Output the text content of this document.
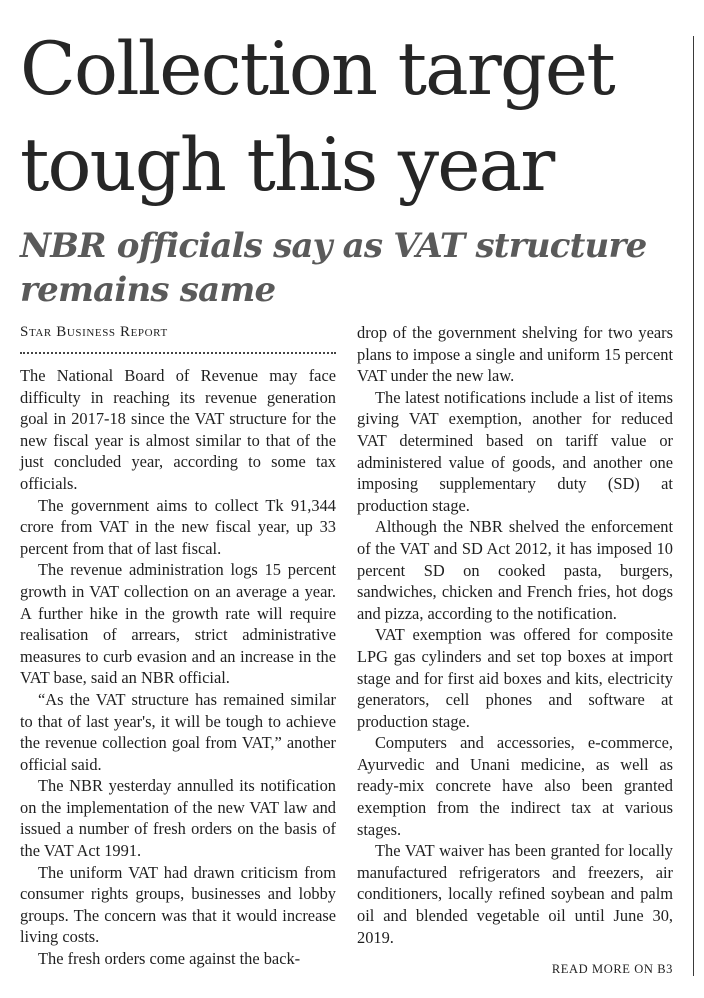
Collection target tough this year
NBR officials say as VAT structure remains same
Star Business Report

The National Board of Revenue may face difficulty in reaching its revenue generation goal in 2017-18 since the VAT structure for the new fiscal year is almost similar to that of the just concluded year, according to some tax officials.

The government aims to collect Tk 91,344 crore from VAT in the new fiscal year, up 33 percent from that of last fiscal.

The revenue administration logs 15 percent growth in VAT collection on an average a year. A further hike in the growth rate will require realisation of arrears, strict administrative measures to curb evasion and an increase in the VAT base, said an NBR official.

“As the VAT structure has remained similar to that of last year's, it will be tough to achieve the revenue collection goal from VAT,” another official said.

The NBR yesterday annulled its notification on the implementation of the new VAT law and issued a number of fresh orders on the basis of the VAT Act 1991.

The uniform VAT had drawn criticism from consumer rights groups, businesses and lobby groups. The concern was that it would increase living costs.

The fresh orders come against the back-

drop of the government shelving for two years plans to impose a single and uniform 15 percent VAT under the new law.

The latest notifications include a list of items giving VAT exemption, another for reduced VAT determined based on tariff value or administered value of goods, and another one imposing supplementary duty (SD) at production stage.

Although the NBR shelved the enforcement of the VAT and SD Act 2012, it has imposed 10 percent SD on cooked pasta, burgers, sandwiches, chicken and French fries, hot dogs and pizza, according to the notification.

VAT exemption was offered for composite LPG gas cylinders and set top boxes at import stage and for first aid boxes and kits, electricity generators, cell phones and software at production stage.

Computers and accessories, e-commerce, Ayurvedic and Unani medicine, as well as ready-mix concrete have also been granted exemption from the indirect tax at various stages.

The VAT waiver has been granted for locally manufactured refrigerators and freezers, air conditioners, locally refined soybean and palm oil and blended vegetable oil until June 30, 2019.

READ MORE ON B3
